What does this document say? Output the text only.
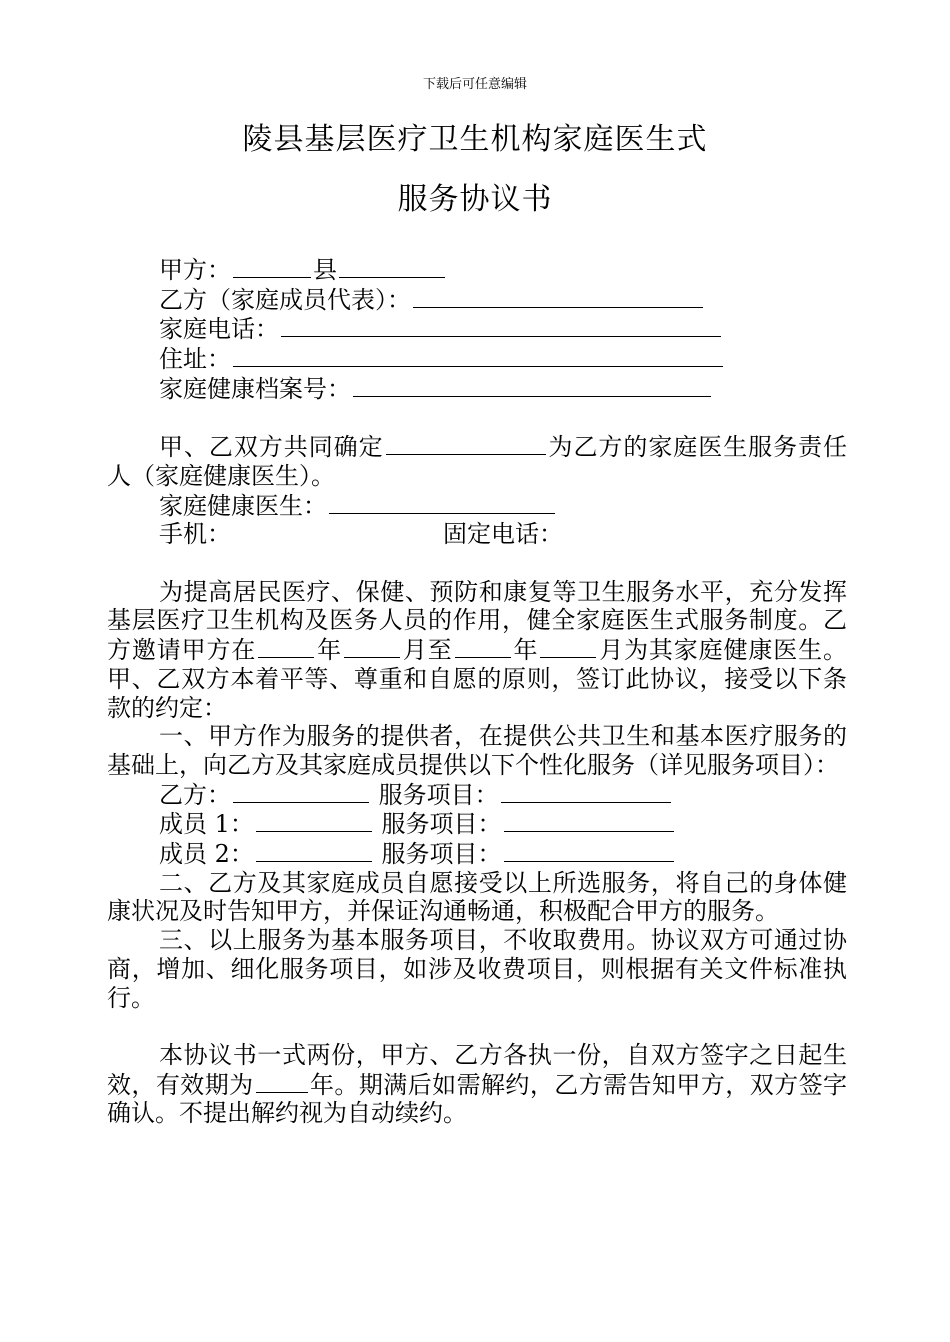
下载后可任意编辑
陵县基层医疗卫生机构家庭医生式
服务协议书

甲方：	县

乙方（家庭成员代表）：

家庭电话：

住址：

家庭健康档案号：

甲、乙双方共同确定	为乙方的家庭医生服务责任人（家庭健康医生）。

家庭健康医生：

手机：	固定电话：

为提高居民医疗、保健、预防和康复等卫生服务水平，充分发挥基层医疗卫生机构及医务人员的作用，健全家庭医生式服务制度。乙方邀请甲方在	年	月至	年	月为其家庭健康医生。甲、乙双方本着平等、尊重和自愿的原则，签订此协议，接受以下条款的约定：

一、甲方作为服务的提供者，在提供公共卫生和基本医疗服务的基础上，向乙方及其家庭成员提供以下个性化服务（详见服务项目）：

乙方：	服务项目：

成员 1：	服务项目：

成员 2：	服务项目：

二、乙方及其家庭成员自愿接受以上所选服务，将自己的身体健康状况及时告知甲方，并保证沟通畅通，积极配合甲方的服务。

三、以上服务为基本服务项目，不收取费用。协议双方可通过协商，增加、细化服务项目，如涉及收费项目，则根据有关文件标准执行。

本协议书一式两份，甲方、乙方各执一份，自双方签字之日起生效，有效期为 年。期满后如需解约，乙方需告知甲方，双方签字确认。不提出解约视为自动续约。
